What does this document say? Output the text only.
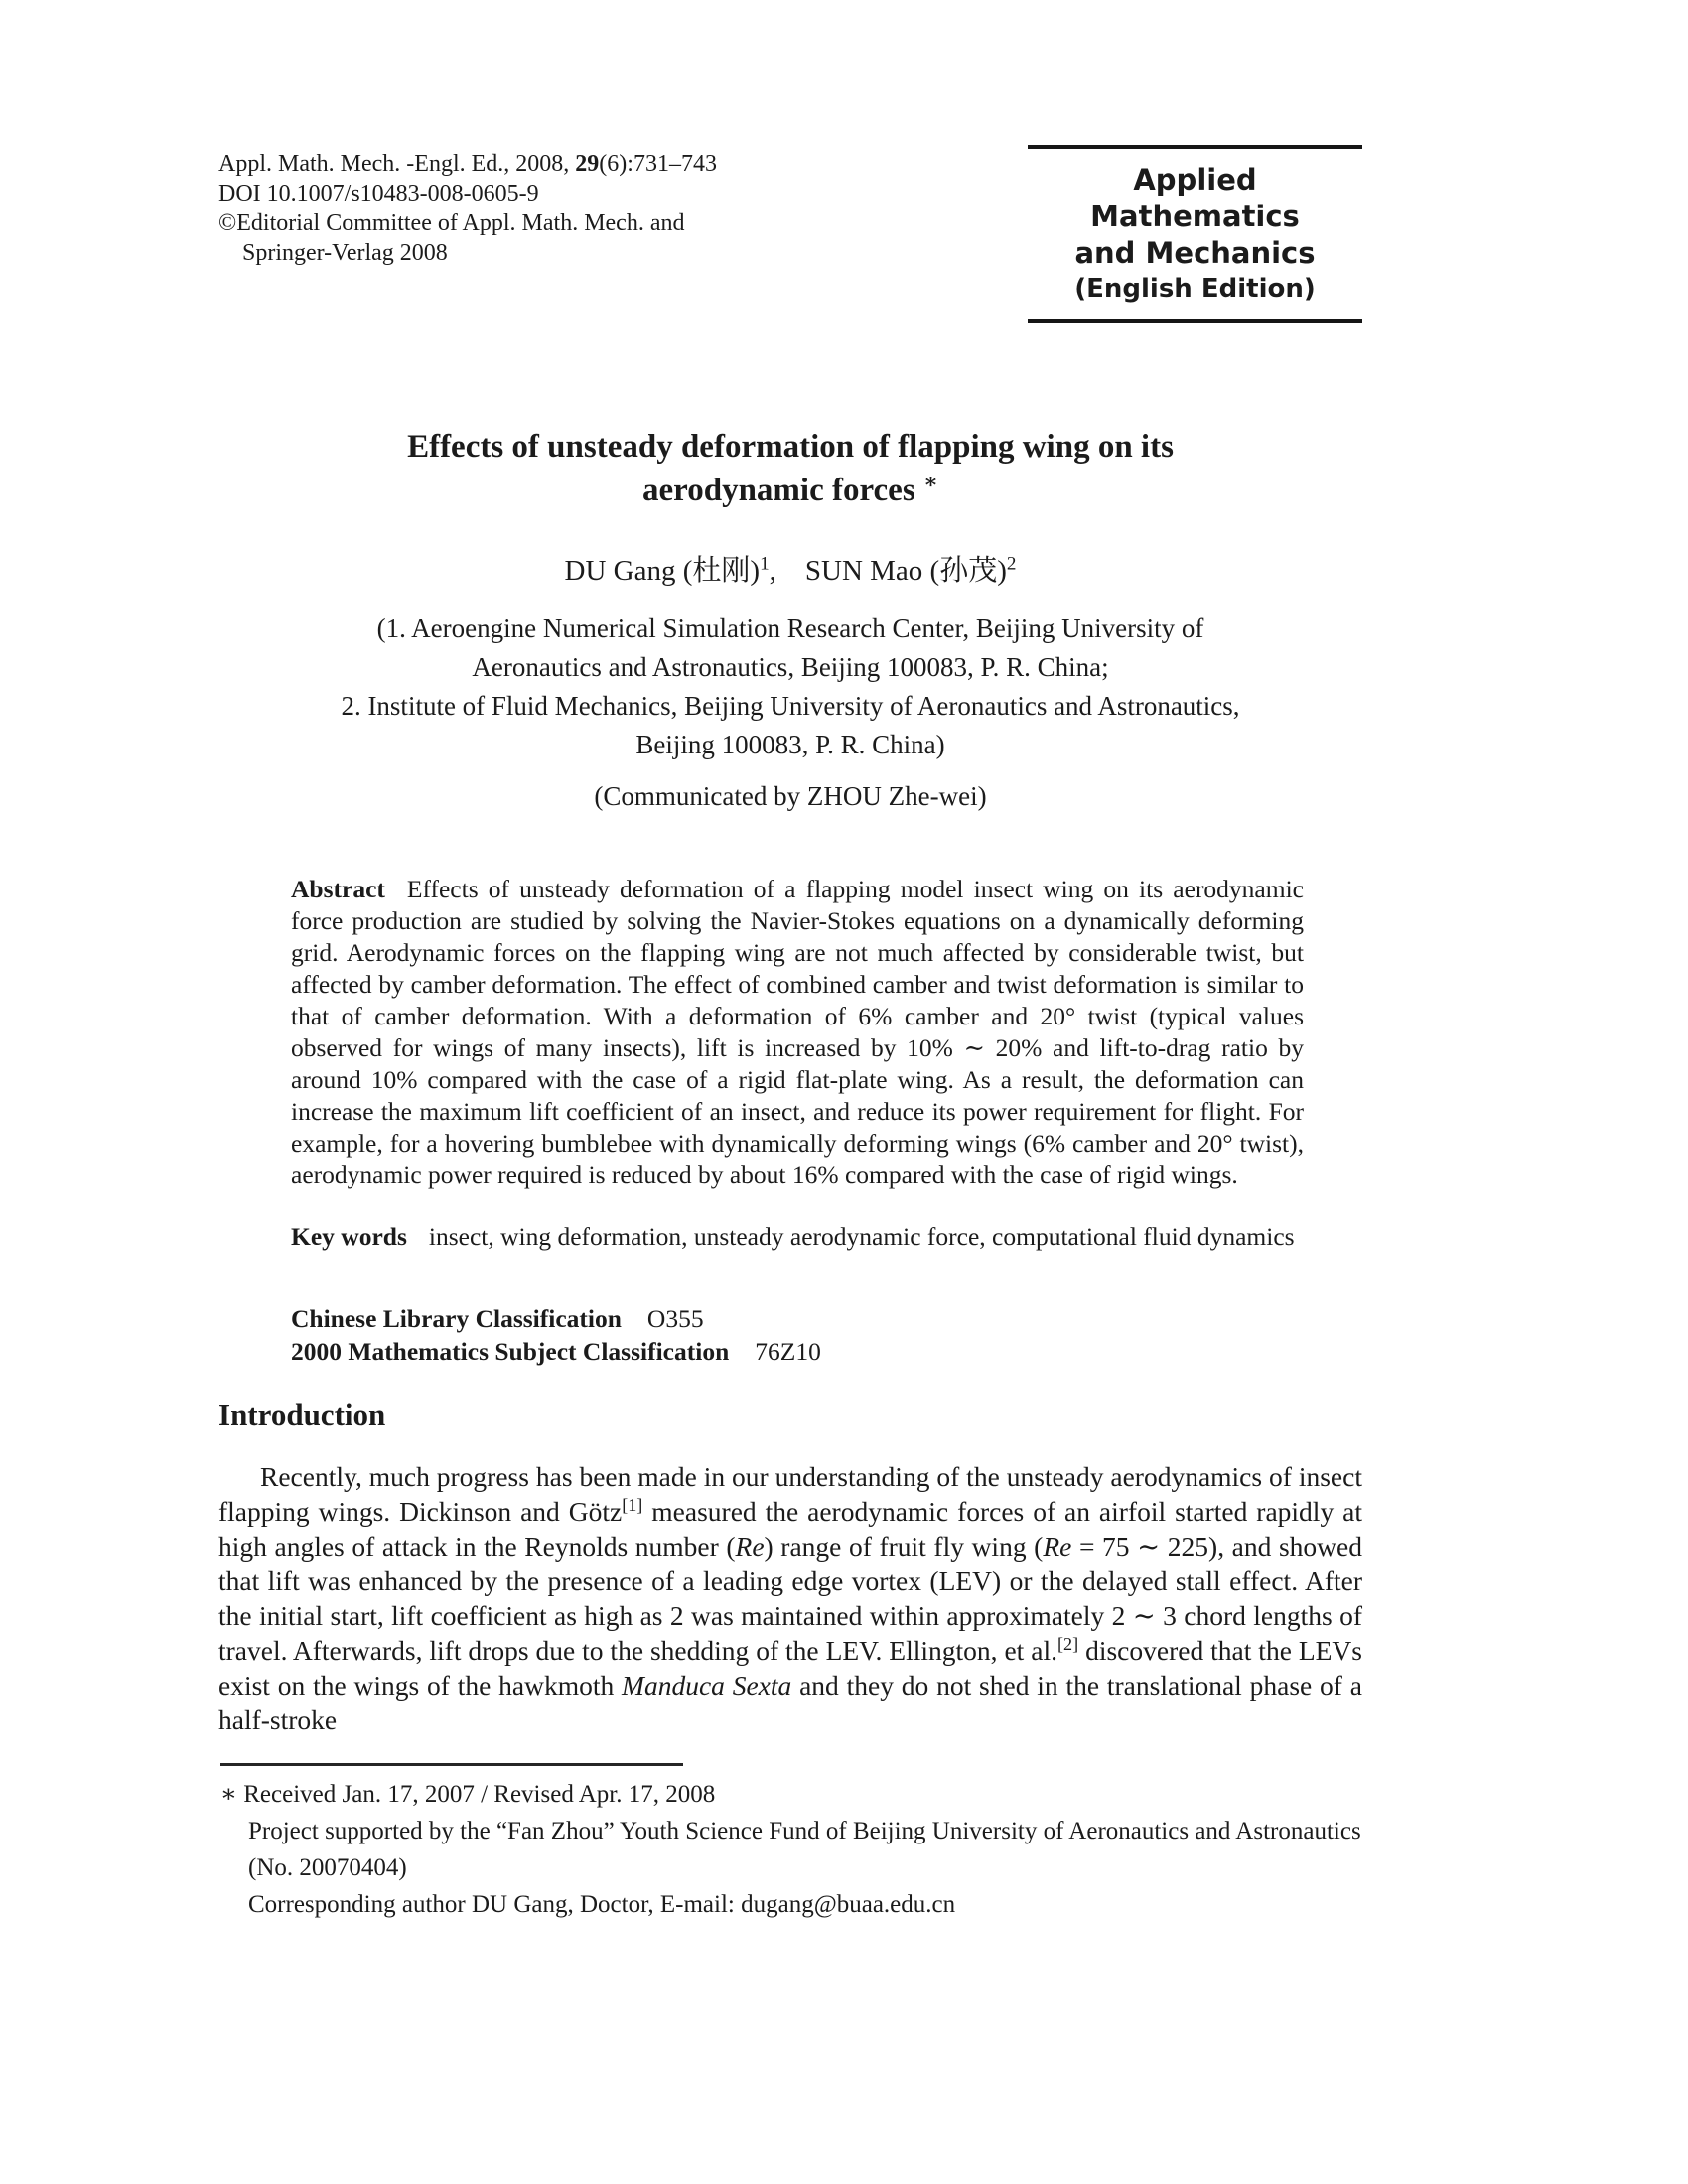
Appl. Math. Mech. -Engl. Ed., 2008, 29(6):731–743
DOI 10.1007/s10483-008-0605-9
©Editorial Committee of Appl. Math. Mech. and
Springer-Verlag 2008
Applied Mathematics
and Mechanics
(English Edition)
Effects of unsteady deformation of flapping wing on its
aerodynamic forces ∗
DU Gang (杜刚)$^1$,  SUN Mao (孙茂)$^2$
(1. Aeroengine Numerical Simulation Research Center, Beijing University of
Aeronautics and Astronautics, Beijing 100083, P. R. China;
2. Institute of Fluid Mechanics, Beijing University of Aeronautics and Astronautics,
Beijing 100083, P. R. China)
(Communicated by ZHOU Zhe-wei)
Abstract Effects of unsteady deformation of a flapping model insect wing on its aerodynamic force production are studied by solving the Navier-Stokes equations on a dynamically deforming grid. Aerodynamic forces on the flapping wing are not much affected by considerable twist, but affected by camber deformation. The effect of combined camber and twist deformation is similar to that of camber deformation. With a deformation of 6% camber and 20° twist (typical values observed for wings of many insects), lift is increased by 10% ∼ 20% and lift-to-drag ratio by around 10% compared with the case of a rigid flat-plate wing. As a result, the deformation can increase the maximum lift coefficient of an insect, and reduce its power requirement for flight. For example, for a hovering bumblebee with dynamically deforming wings (6% camber and 20° twist), aerodynamic power required is reduced by about 16% compared with the case of rigid wings.
Key words insect, wing deformation, unsteady aerodynamic force, computational fluid dynamics
Chinese Library Classification O355
2000 Mathematics Subject Classification 76Z10
Introduction
Recently, much progress has been made in our understanding of the unsteady aerodynamics of insect flapping wings. Dickinson and Götz[1] measured the aerodynamic forces of an airfoil started rapidly at high angles of attack in the Reynolds number (Re) range of fruit fly wing (Re = 75 ∼ 225), and showed that lift was enhanced by the presence of a leading edge vortex (LEV) or the delayed stall effect. After the initial start, lift coefficient as high as 2 was maintained within approximately 2 ∼ 3 chord lengths of travel. Afterwards, lift drops due to the shedding of the LEV. Ellington, et al.[2] discovered that the LEVs exist on the wings of the hawkmoth Manduca Sexta and they do not shed in the translational phase of a half-stroke
∗ Received Jan. 17, 2007 / Revised Apr. 17, 2008
Project supported by the “Fan Zhou” Youth Science Fund of Beijing University of Aeronautics and Astronautics (No. 20070404)
Corresponding author DU Gang, Doctor, E-mail: dugang@buaa.edu.cn
